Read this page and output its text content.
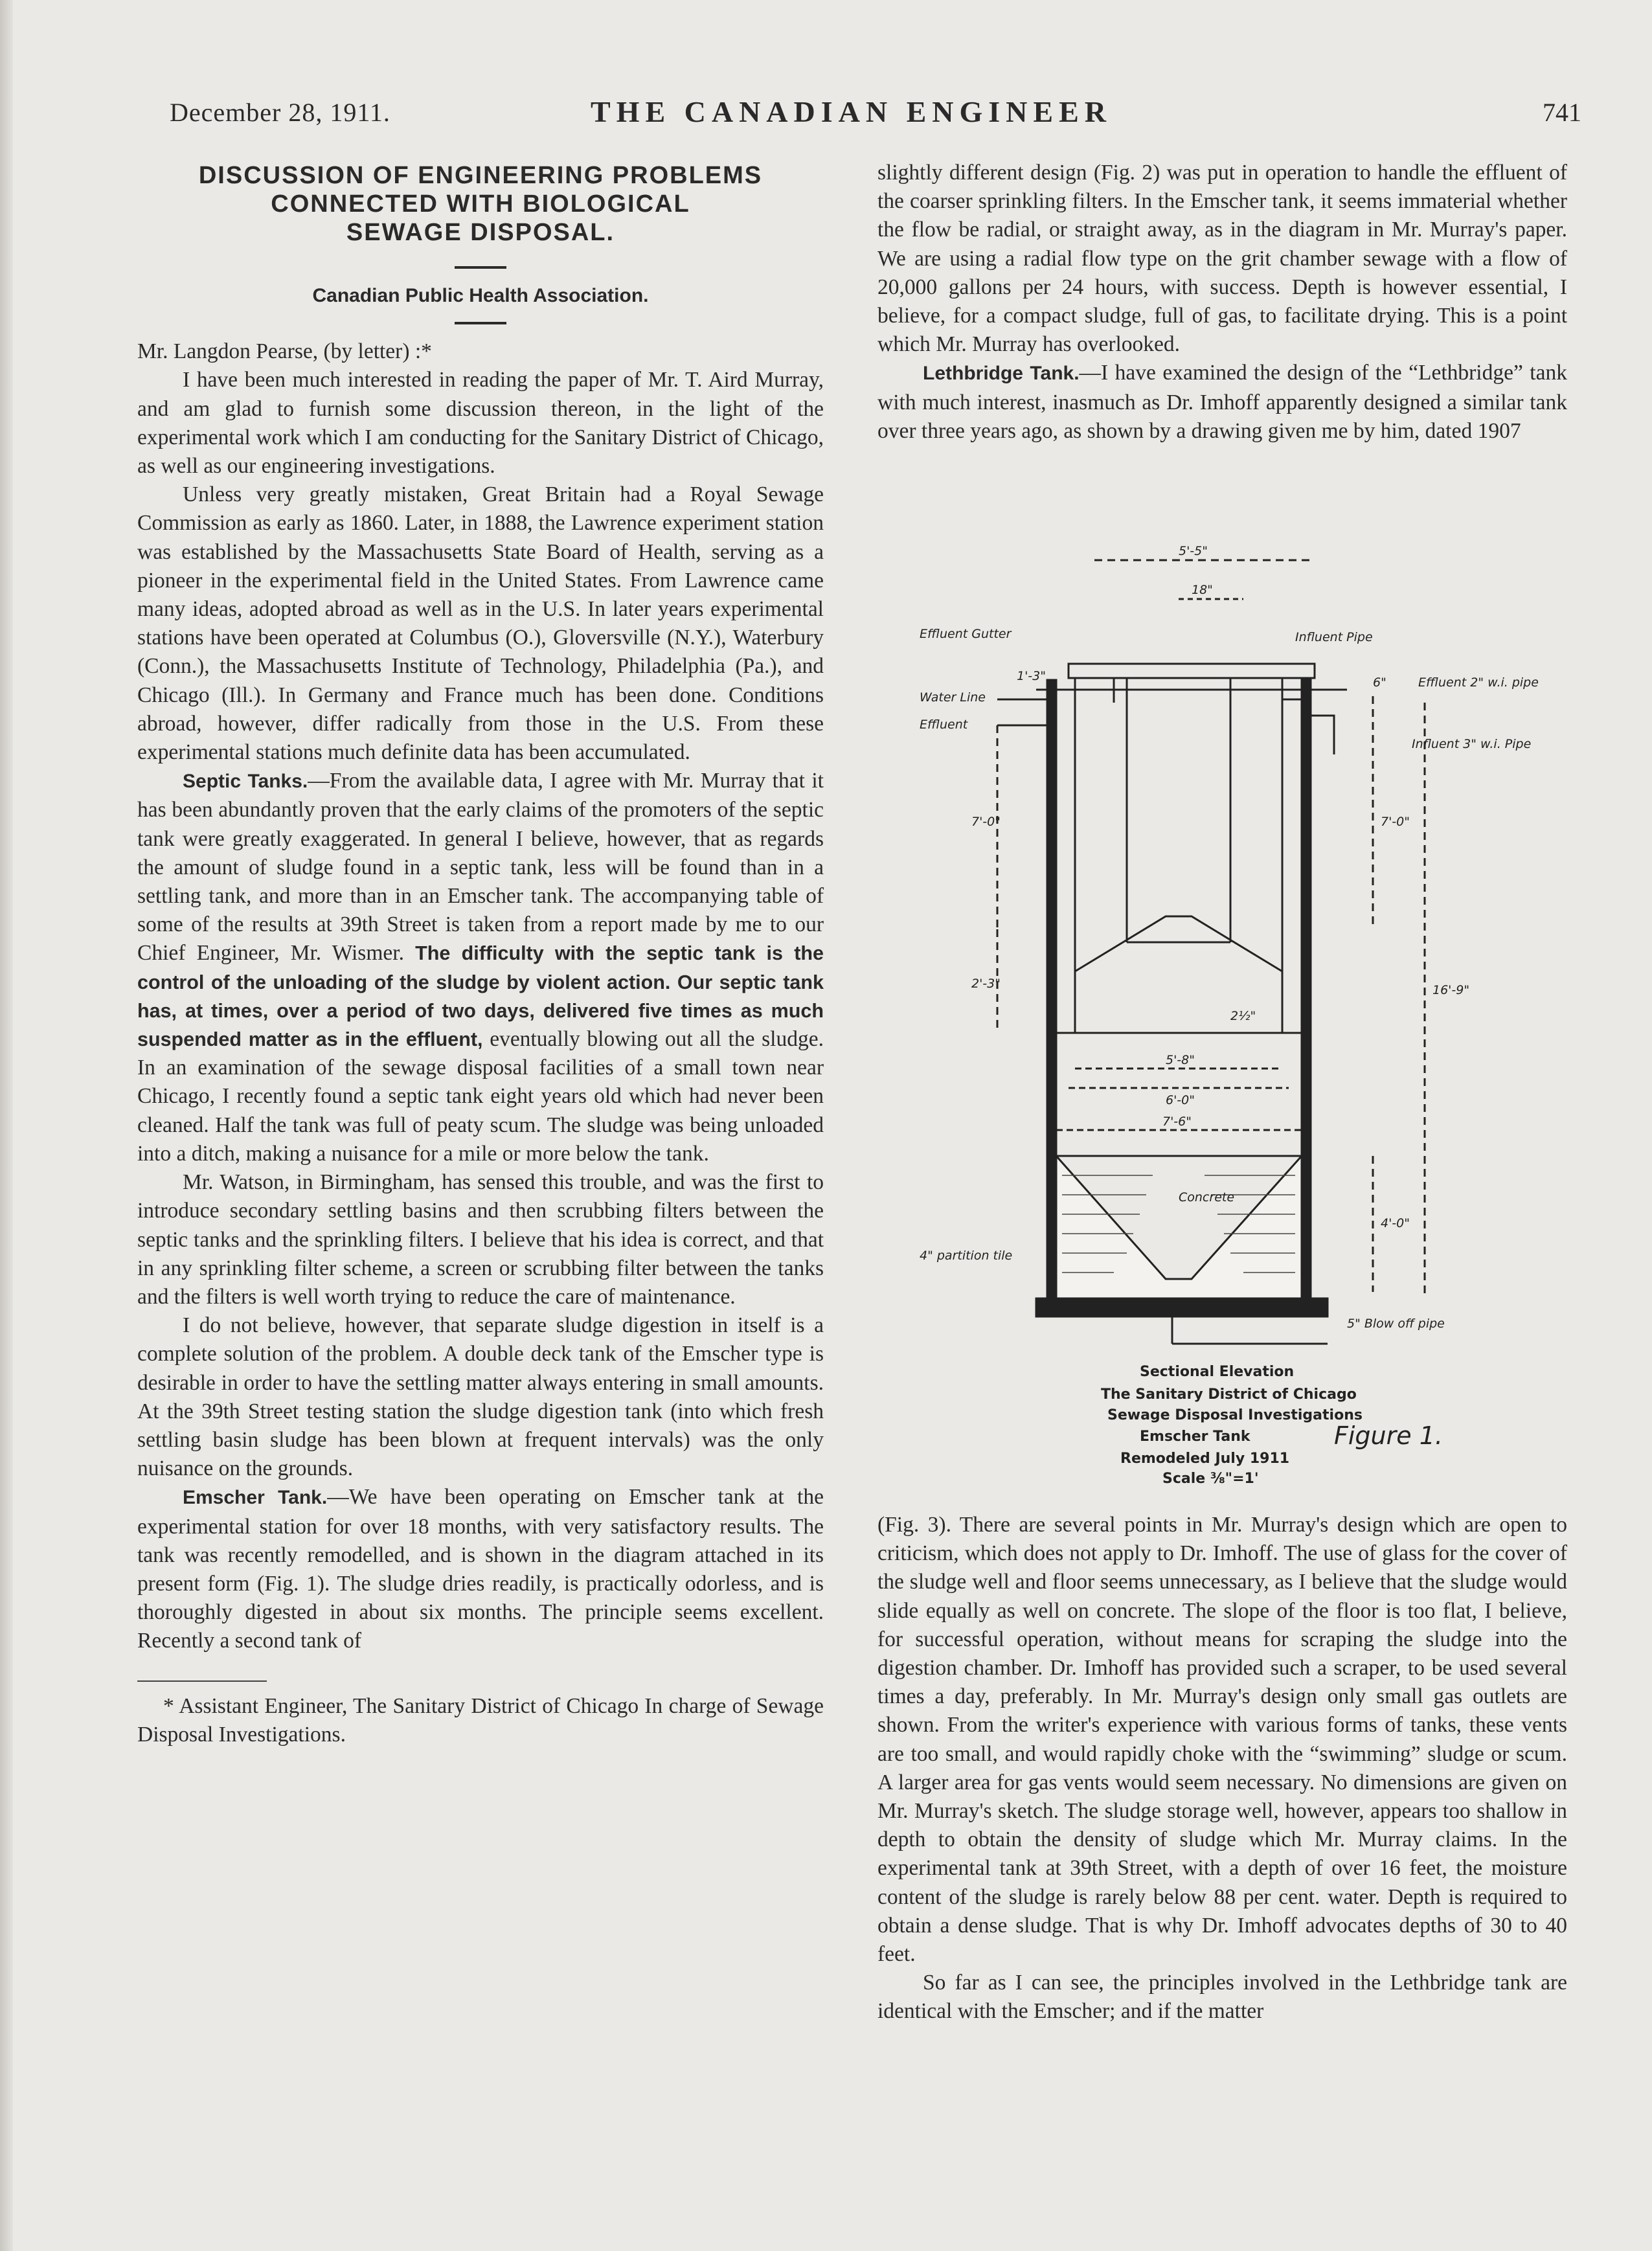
December 28, 1911.	THE CANADIAN ENGINEER	741
DISCUSSION OF ENGINEERING PROBLEMS
CONNECTED WITH BIOLOGICAL
SEWAGE DISPOSAL.
Canadian Public Health Association.

Mr. Langdon Pearse, (by letter) :*

I have been much interested in reading the paper of Mr. T. Aird Murray, and am glad to furnish some discussion thereon, in the light of the experimental work which I am conducting for the Sanitary District of Chicago, as well as our engineering investigations.

Unless very greatly mistaken, Great Britain had a Royal Sewage Commission as early as 1860. Later, in 1888, the Lawrence experiment station was established by the Massachusetts State Board of Health, serving as a pioneer in the experimental field in the United States. From Lawrence came many ideas, adopted abroad as well as in the U.S. In later years experimental stations have been operated at Columbus (O.), Gloversville (N.Y.), Waterbury (Conn.), the Massachusetts Institute of Technology, Philadelphia (Pa.), and Chicago (Ill.). In Germany and France much has been done. Conditions abroad, however, differ radically from those in the U.S. From these experimental stations much definite data has been accumulated.

Septic Tanks.—From the available data, I agree with Mr. Murray that it has been abundantly proven that the early claims of the promoters of the septic tank were greatly exaggerated. In general I believe, however, that as regards the amount of sludge found in a septic tank, less will be found than in a settling tank, and more than in an Emscher tank. The accompanying table of some of the results at 39th Street is taken from a report made by me to our Chief Engineer, Mr. Wismer. The difficulty with the septic tank is the control of the unloading of the sludge by violent action. Our septic tank has, at times, over a period of two days, delivered five times as much suspended matter as in the effluent, eventually blowing out all the sludge. In an examination of the sewage disposal facilities of a small town near Chicago, I recently found a septic tank eight years old which had never been cleaned. Half the tank was full of peaty scum. The sludge was being unloaded into a ditch, making a nuisance for a mile or more below the tank.

Mr. Watson, in Birmingham, has sensed this trouble, and was the first to introduce secondary settling basins and then scrubbing filters between the septic tanks and the sprinkling filters. I believe that his idea is correct, and that in any sprinkling filter scheme, a screen or scrubbing filter between the tanks and the filters is well worth trying to reduce the care of maintenance.

I do not believe, however, that separate sludge digestion in itself is a complete solution of the problem. A double deck tank of the Emscher type is desirable in order to have the settling matter always entering in small amounts. At the 39th Street testing station the sludge digestion tank (into which fresh settling basin sludge has been blown at frequent intervals) was the only nuisance on the grounds.

Emscher Tank.—We have been operating on Emscher tank at the experimental station for over 18 months, with very satisfactory results. The tank was recently remodelled, and is shown in the diagram attached in its present form (Fig. 1). The sludge dries readily, is practically odorless, and is thoroughly digested in about six months. The principle seems excellent. Recently a second tank of

* Assistant Engineer, The Sanitary District of Chicago In charge of Sewage Disposal Investigations.

slightly different design (Fig. 2) was put in operation to handle the effluent of the coarser sprinkling filters. In the Emscher tank, it seems immaterial whether the flow be radial, or straight away, as in the diagram in Mr. Murray's paper. We are using a radial flow type on the grit chamber sewage with a flow of 20,000 gallons per 24 hours, with success. Depth is however essential, I believe, for a compact sludge, full of gas, to facilitate drying. This is a point which Mr. Murray has overlooked.

Lethbridge Tank.—I have examined the design of the “Lethbridge” tank with much interest, inasmuch as Dr. Imhoff apparently designed a similar tank over three years ago, as shown by a drawing given me by him, dated 1907

Effluent Gutter
Water Line
Effluent
Influent Pipe
Effluent 2" w.i. pipe
Influent 3" w.i. Pipe
Concrete
4" partition tile
5" Blow off pipe
5'-5"
18"
1'-3"	6"
7'-0"	7'-0"
2'-3"	16'-9"
2½"
5'-8"
6'-0"
7'-6"
4'-0"
Sectional Elevation
The Sanitary District of Chicago
Sewage Disposal Investigations
Emscher Tank
Remodeled July 1911
Scale ⅜"=1'
Figure 1.

(Fig. 3). There are several points in Mr. Murray's design which are open to criticism, which does not apply to Dr. Imhoff. The use of glass for the cover of the sludge well and floor seems unnecessary, as I believe that the sludge would slide equally as well on concrete. The slope of the floor is too flat, I believe, for successful operation, without means for scraping the sludge into the digestion chamber. Dr. Imhoff has provided such a scraper, to be used several times a day, preferably. In Mr. Murray's design only small gas outlets are shown. From the writer's experience with various forms of tanks, these vents are too small, and would rapidly choke with the “swimming” sludge or scum. A larger area for gas vents would seem necessary. No dimensions are given on Mr. Murray's sketch. The sludge storage well, however, appears too shallow in depth to obtain the density of sludge which Mr. Murray claims. In the experimental tank at 39th Street, with a depth of over 16 feet, the moisture content of the sludge is rarely below 88 per cent. water. Depth is required to obtain a dense sludge. That is why Dr. Imhoff advocates depths of 30 to 40 feet.

So far as I can see, the principles involved in the Lethbridge tank are identical with the Emscher; and if the matter
